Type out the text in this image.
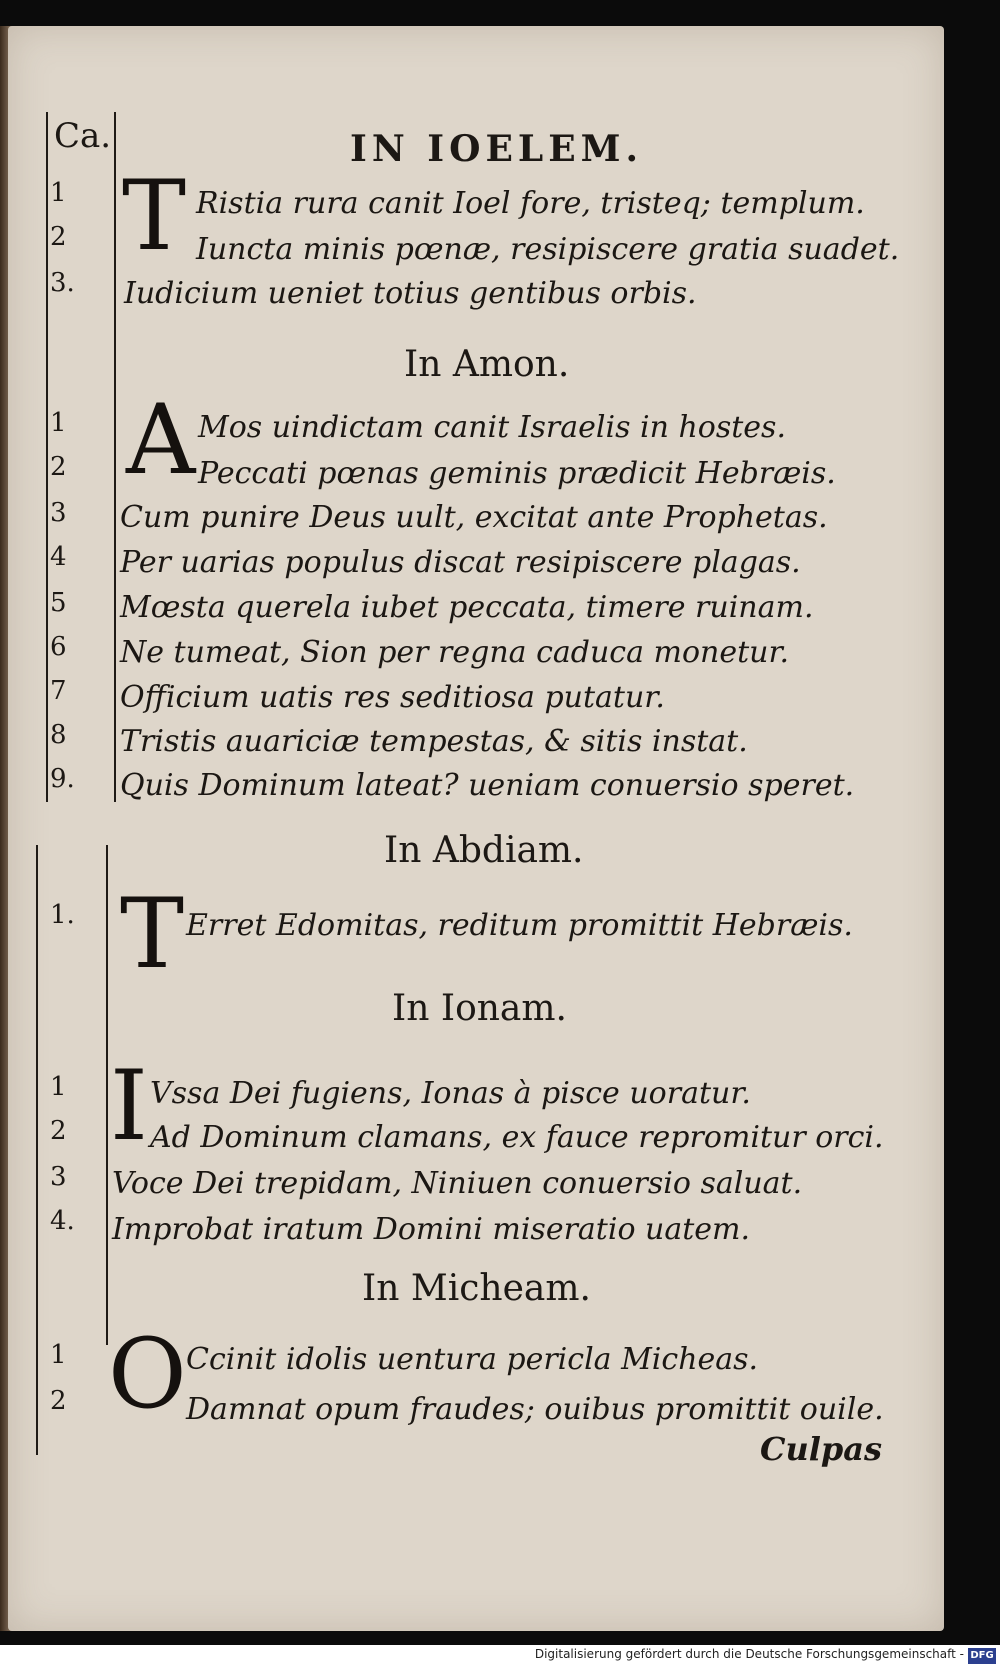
Ca.	IN IOELEM.
1
2
3.
T Ristia rura canit Ioel fore, tristeq; templum.
Iuncta minis pœnæ, resipiscere gratia suadet.
Iudicium ueniet totius gentibus orbis.
In Amon.
1
2
3
4
5
6
7
8
9.
A Mos uindictam canit Israelis in hostes.
Peccati pœnas geminis prædicit Hebræis.
Cum punire Deus uult, excitat ante Prophetas.
Per uarias populus discat resipiscere plagas.
Mœsta querela iubet peccata, timere ruinam.
Ne tumeat, Sion per regna caduca monetur.
Officium uatis res seditiosa putatur.
Tristis auariciæ tempestas, & sitis instat.
Quis Dominum lateat? ueniam conuersio speret.
In Abdiam.
1. T Erret Edomitas, reditum promittit Hebræis.
In Ionam.
1
2
3
4.
I Vssa Dei fugiens, Ionas à pisce uoratur.
Ad Dominum clamans, ex fauce repromitur orci.
Voce Dei trepidam, Niniuen conuersio saluat.
Improbat iratum Domini miseratio uatem.
In Micheam.
1
2 O Ccinit idolis uentura pericla Micheas.
Damnat opum fraudes; ouibus promittit ouile.
Culpas
Digitalisierung gefördert durch die Deutsche Forschungsgemeinschaft - DFG
